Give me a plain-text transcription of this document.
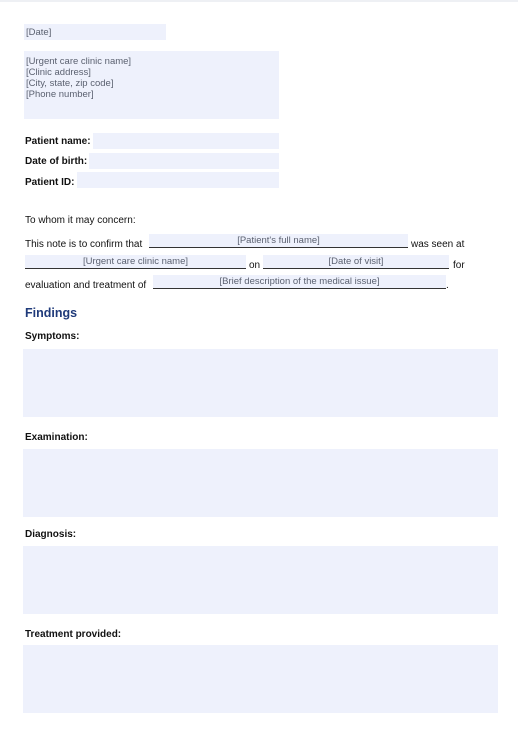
[Date]
[Urgent care clinic name]
[Clinic address]
[City, state, zip code]
[Phone number]
Patient name:
Date of birth:
Patient ID:
To whom it may concern:
This note is to confirm that	[Patient's full name]	was seen at
[Urgent care clinic name]	on	[Date of visit]	for
evaluation and treatment of	[Brief description of the medical issue]	.
Findings
Symptoms:
Examination:
Diagnosis:
Treatment provided:
